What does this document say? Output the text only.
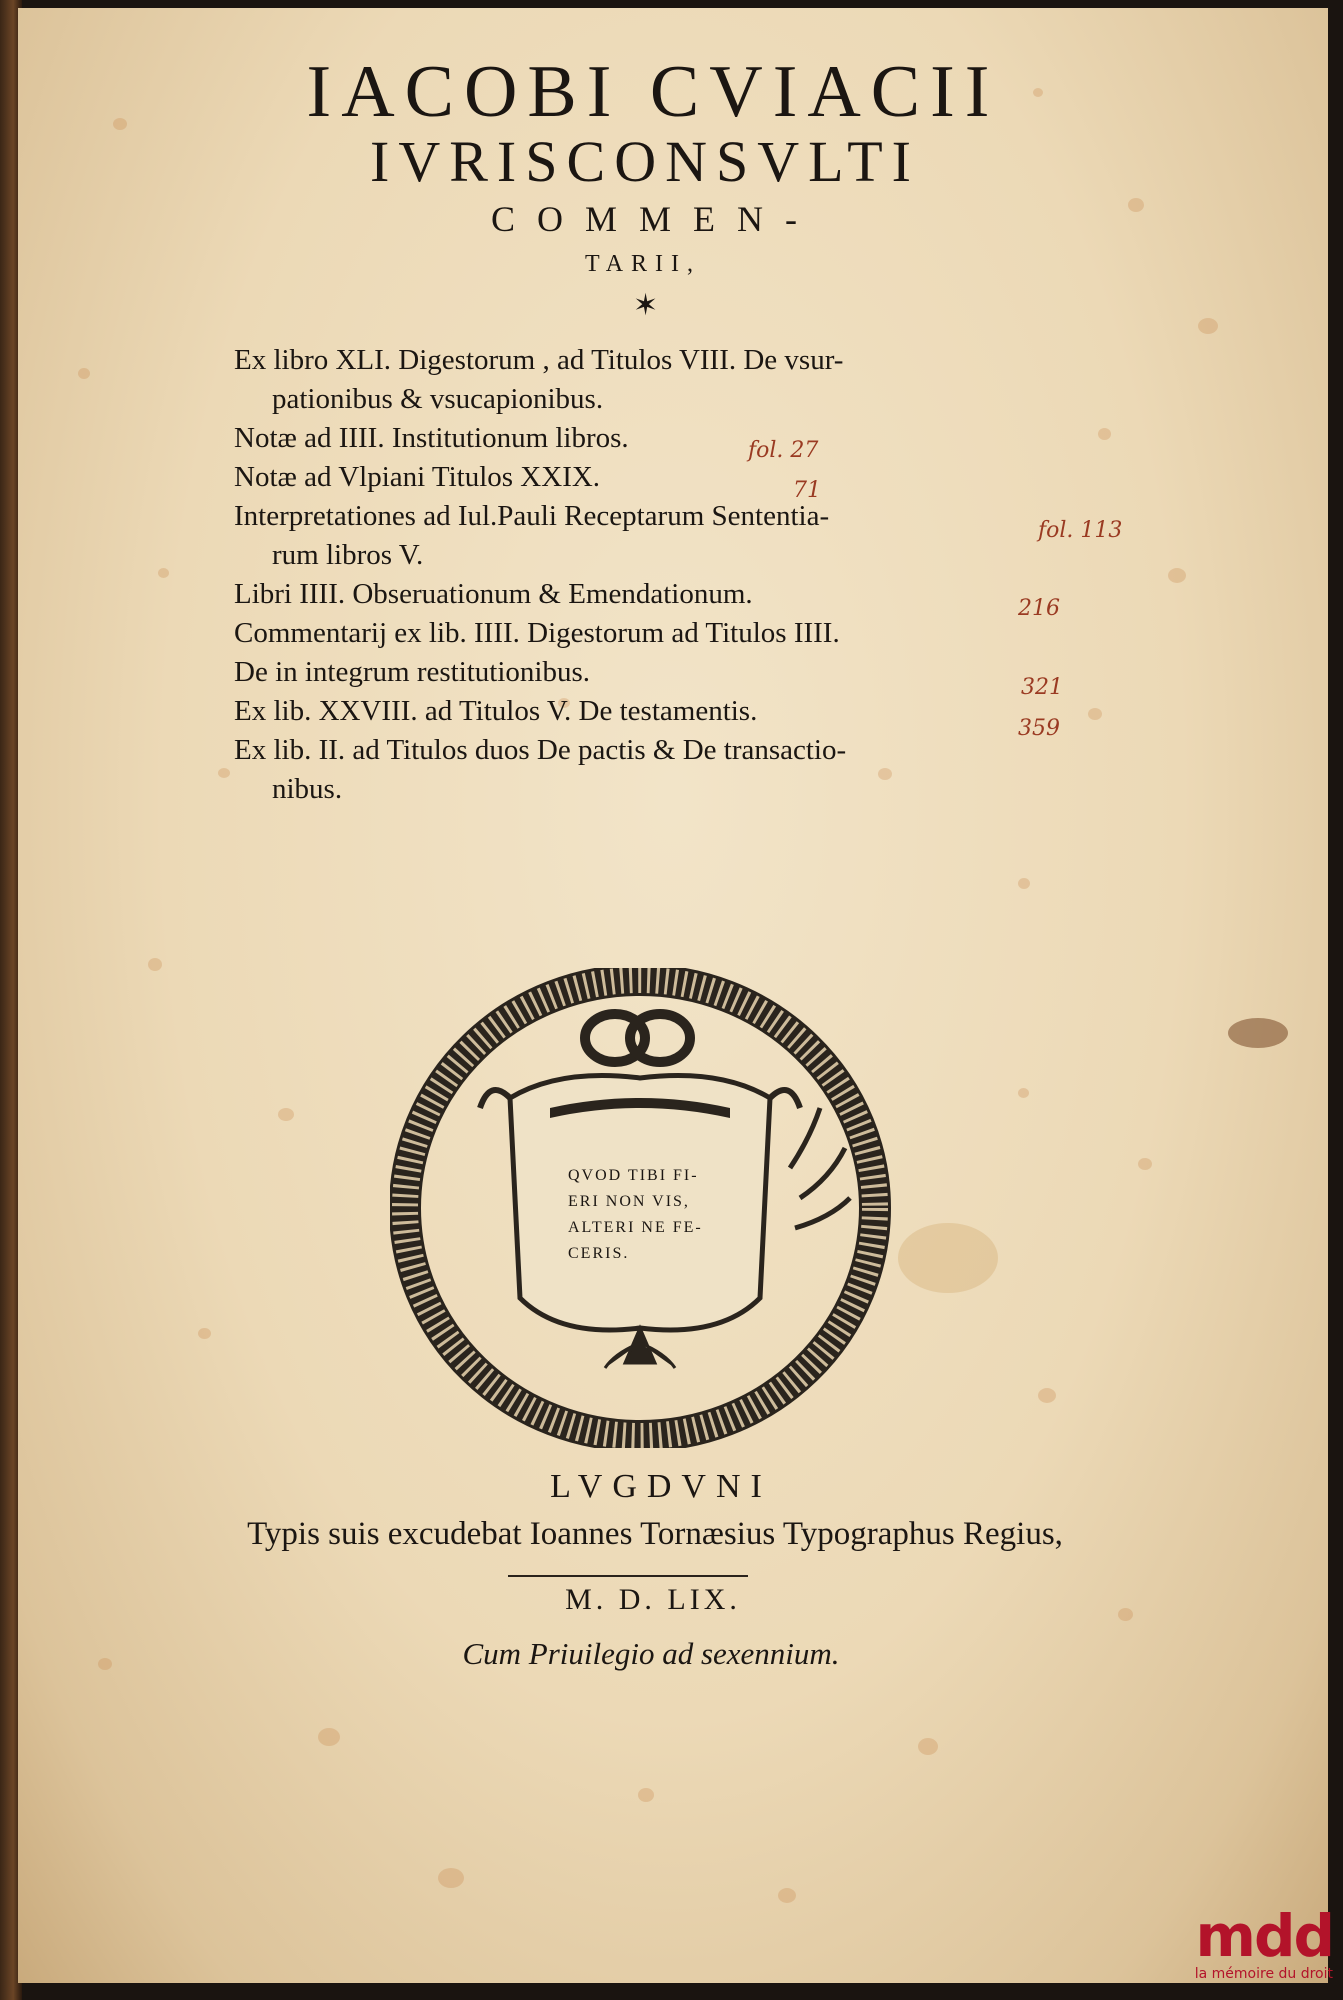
IACOBI CVIACII
IVRISCONSVLTI
COMMEN-
TARII,
✶
Ex libro XLI. Digestorum , ad Titulos VIII. De vsur-
pationibus & vsucapionibus.
Notæ ad IIII. Institutionum libros.
Notæ ad Vlpiani Titulos XXIX.
Interpretationes ad Iul.Pauli Receptarum Sententia-
rum libros V.
Libri IIII. Obseruationum & Emendationum.
Commentarij ex lib. IIII. Digestorum ad Titulos IIII.
De in integrum restitutionibus.
Ex lib. XXVIII. ad Titulos V. De testamentis.
Ex lib. II. ad Titulos duos De pactis & De transactio-
nibus.
fol. 27
71
fol. 113
216
321
359
QVOD TIBI FI-
ERI NON VIS,
ALTERI NE FE-
CERIS.
LVGDVNI
Typis suis excudebat Ioannes Tornæsius Typographus Regius,
M. D. LIX.
Cum Priuilegio ad sexennium.
mdd
la mémoire du droit
